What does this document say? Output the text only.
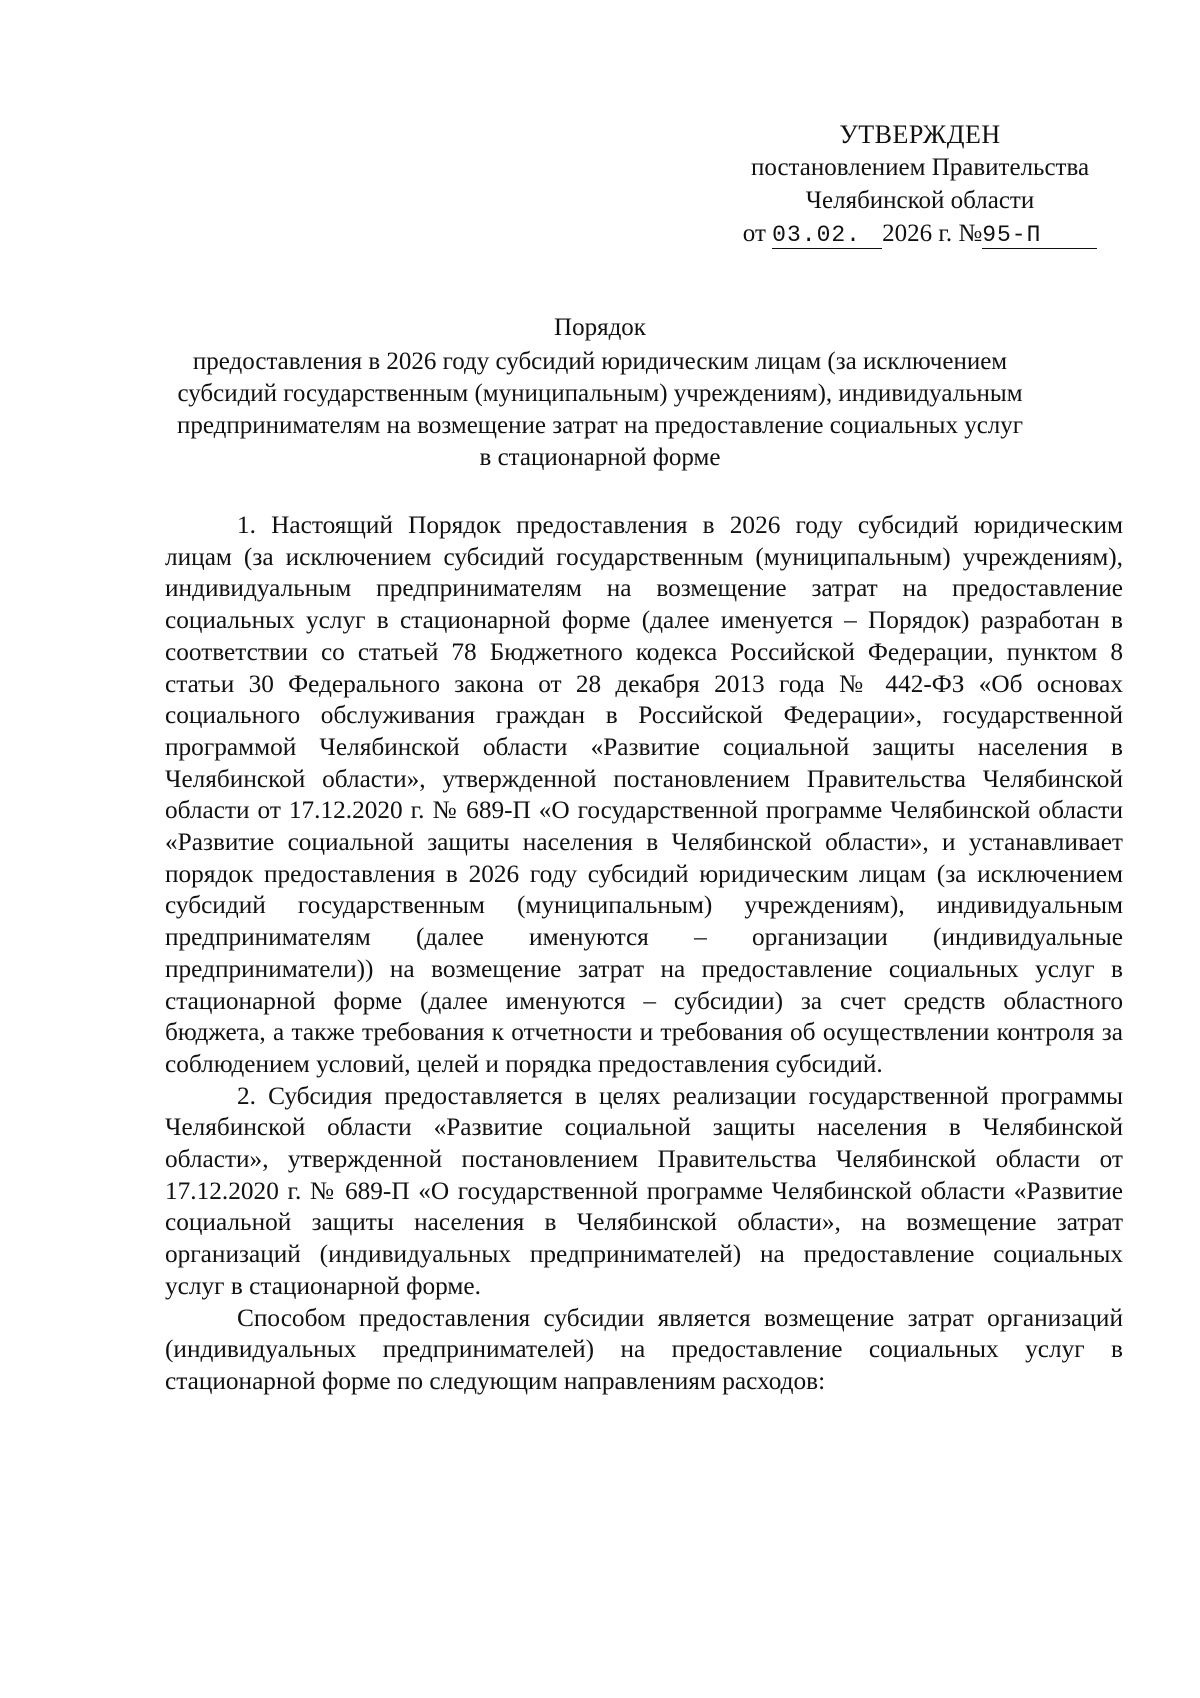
УТВЕРЖДЕН
постановлением Правительства
Челябинской области
от 03.02. 2026 г. №95-П
Порядок
предоставления в 2026 году субсидий юридическим лицам (за исключением
субсидий государственным (муниципальным) учреждениям), индивидуальным
предпринимателям на возмещение затрат на предоставление социальных услуг
в стационарной форме

1. Настоящий Порядок предоставления в 2026 году субсидий юридическим лицам (за исключением субсидий государственным (муниципальным) учреждениям), индивидуальным предпринимателям на возмещение затрат на предоставление социальных услуг в стационарной форме (далее именуется – Порядок) разработан в соответствии со статьей 78 Бюджетного кодекса Российской Федерации, пунктом 8 статьи 30 Федерального закона от 28 декабря 2013 года № 442-ФЗ «Об основах социального обслуживания граждан в Российской Федерации», государственной программой Челябинской области «Развитие социальной защиты населения в Челябинской области», утвержденной постановлением Правительства Челябинской области от 17.12.2020 г. № 689-П «О государственной программе Челябинской области «Развитие социальной защиты населения в Челябинской области», и устанавливает порядок предоставления в 2026 году субсидий юридическим лицам (за исключением субсидий государственным (муниципальным) учреждениям), индивидуальным предпринимателям (далее именуются – организации (индивидуальные предприниматели)) на возмещение затрат на предоставление социальных услуг в стационарной форме (далее именуются – субсидии) за счет средств областного бюджета, а также требования к отчетности и требования об осуществлении контроля за соблюдением условий, целей и порядка предоставления субсидий.

2. Субсидия предоставляется в целях реализации государственной программы Челябинской области «Развитие социальной защиты населения в Челябинской области», утвержденной постановлением Правительства Челябинской области от 17.12.2020 г. № 689-П «О государственной программе Челябинской области «Развитие социальной защиты населения в Челябинской области», на возмещение затрат организаций (индивидуальных предпринимателей) на предоставление социальных услуг в стационарной форме.

Способом предоставления субсидии является возмещение затрат организаций (индивидуальных предпринимателей) на предоставление социальных услуг в стационарной форме по следующим направлениям расходов:
